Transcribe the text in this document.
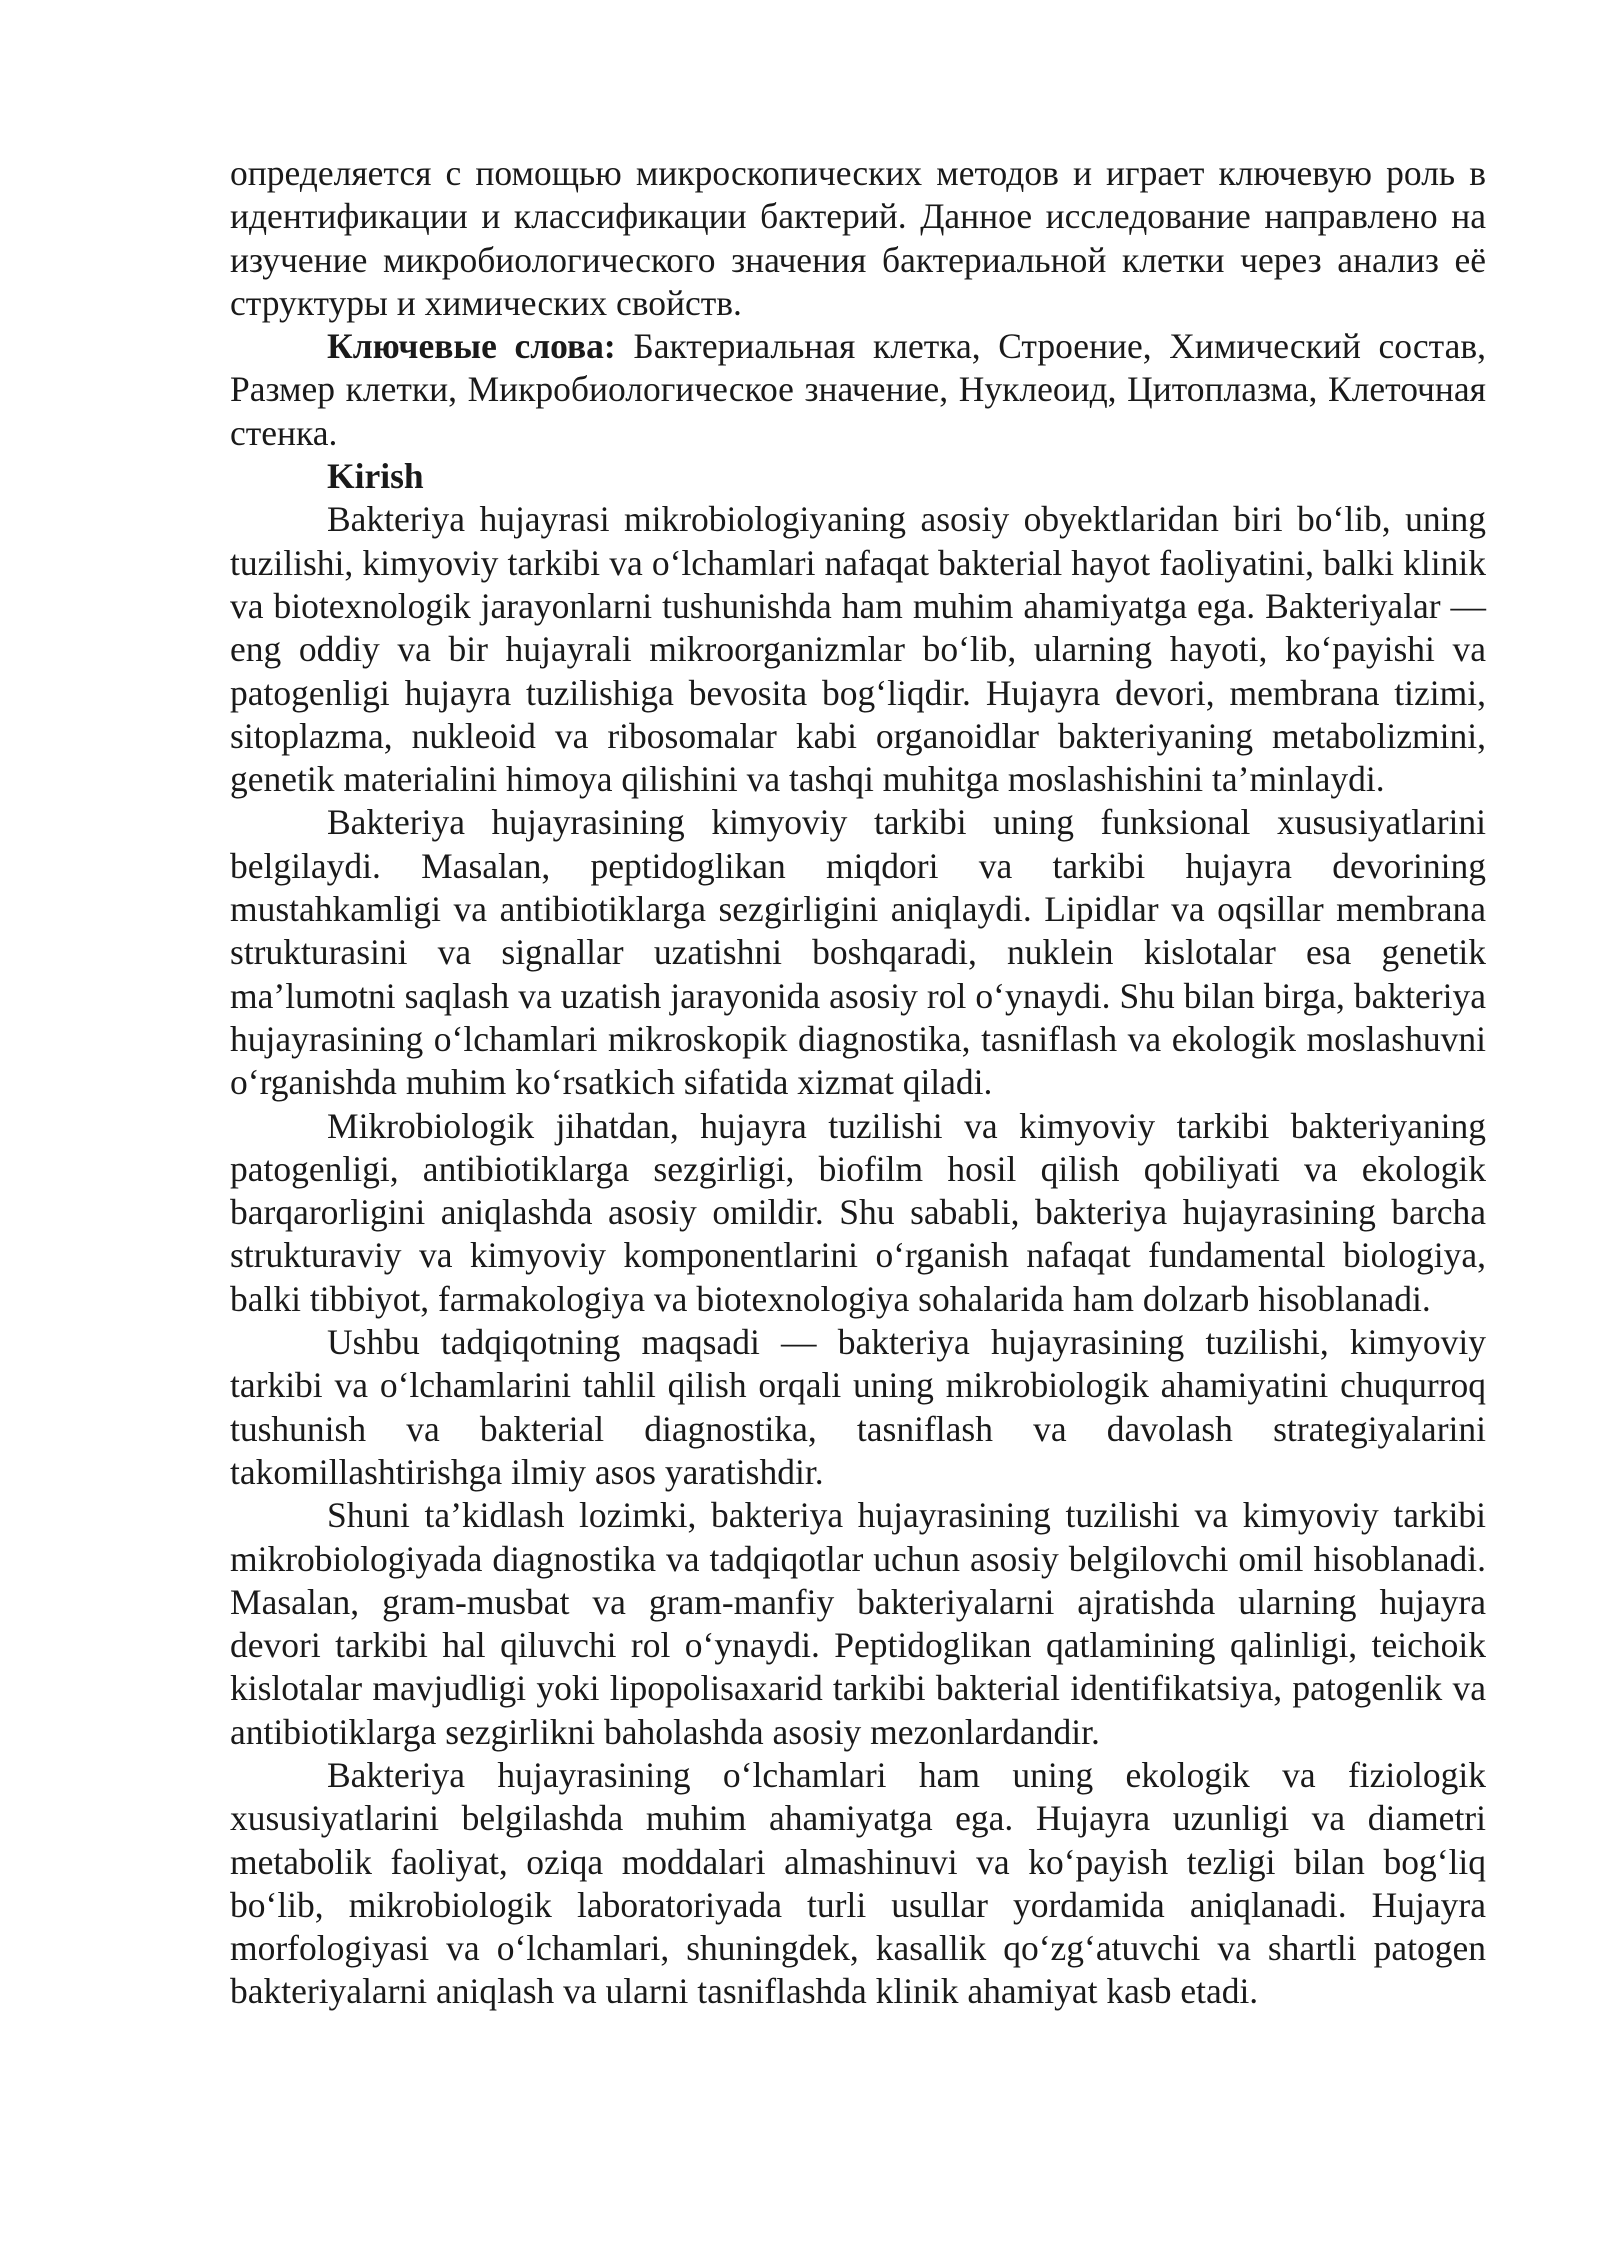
определяется с помощью микроскопических методов и играет ключевую роль в идентификации и классификации бактерий. Данное исследование направлено на изучение микробиологического значения бактериальной клетки через анализ её структуры и химических свойств.

Ключевые слова: Бактериальная клетка, Строение, Химический состав, Размер клетки, Микробиологическое значение, Нуклеоид, Цитоплазма, Клеточная стенка.

Kirish

Bakteriya hujayrasi mikrobiologiyaning asosiy obyektlaridan biri bo‘lib, uning tuzilishi, kimyoviy tarkibi va o‘lchamlari nafaqat bakterial hayot faoliyatini, balki klinik va biotexnologik jarayonlarni tushunishda ham muhim ahamiyatga ega. Bakteriyalar — eng oddiy va bir hujayrali mikroorganizmlar bo‘lib, ularning hayoti, ko‘payishi va patogenligi hujayra tuzilishiga bevosita bog‘liqdir. Hujayra devori, membrana tizimi, sitoplazma, nukleoid va ribosomalar kabi organoidlar bakteriyaning metabolizmini, genetik materialini himoya qilishini va tashqi muhitga moslashishini ta’minlaydi.

Bakteriya hujayrasining kimyoviy tarkibi uning funksional xususiyatlarini belgilaydi. Masalan, peptidoglikan miqdori va tarkibi hujayra devorining mustahkamligi va antibiotiklarga sezgirligini aniqlaydi. Lipidlar va oqsillar membrana strukturasini va signallar uzatishni boshqaradi, nuklein kislotalar esa genetik ma’lumotni saqlash va uzatish jarayonida asosiy rol o‘ynaydi. Shu bilan birga, bakteriya hujayrasining o‘lchamlari mikroskopik diagnostika, tasniflash va ekologik moslashuvni o‘rganishda muhim ko‘rsatkich sifatida xizmat qiladi.

Mikrobiologik jihatdan, hujayra tuzilishi va kimyoviy tarkibi bakteriyaning patogenligi, antibiotiklarga sezgirligi, biofilm hosil qilish qobiliyati va ekologik barqarorligini aniqlashda asosiy omildir. Shu sababli, bakteriya hujayrasining barcha strukturaviy va kimyoviy komponentlarini o‘rganish nafaqat fundamental biologiya, balki tibbiyot, farmakologiya va biotexnologiya sohalarida ham dolzarb hisoblanadi.

Ushbu tadqiqotning maqsadi — bakteriya hujayrasining tuzilishi, kimyoviy tarkibi va o‘lchamlarini tahlil qilish orqali uning mikrobiologik ahamiyatini chuqurroq tushunish va bakterial diagnostika, tasniflash va davolash strategiyalarini takomillashtirishga ilmiy asos yaratishdir.

Shuni ta’kidlash lozimki, bakteriya hujayrasining tuzilishi va kimyoviy tarkibi mikrobiologiyada diagnostika va tadqiqotlar uchun asosiy belgilovchi omil hisoblanadi. Masalan, gram-musbat va gram-manfiy bakteriyalarni ajratishda ularning hujayra devori tarkibi hal qiluvchi rol o‘ynaydi. Peptidoglikan qatlamining qalinligi, teichoik kislotalar mavjudligi yoki lipopolisaxarid tarkibi bakterial identifikatsiya, patogenlik va antibiotiklarga sezgirlikni baholashda asosiy mezonlardandir.

Bakteriya hujayrasining o‘lchamlari ham uning ekologik va fiziologik xususiyatlarini belgilashda muhim ahamiyatga ega. Hujayra uzunligi va diametri metabolik faoliyat, oziqa moddalari almashinuvi va ko‘payish tezligi bilan bog‘liq bo‘lib, mikrobiologik laboratoriyada turli usullar yordamida aniqlanadi. Hujayra morfologiyasi va o‘lchamlari, shuningdek, kasallik qo‘zg‘atuvchi va shartli patogen bakteriyalarni aniqlash va ularni tasniflashda klinik ahamiyat kasb etadi.
